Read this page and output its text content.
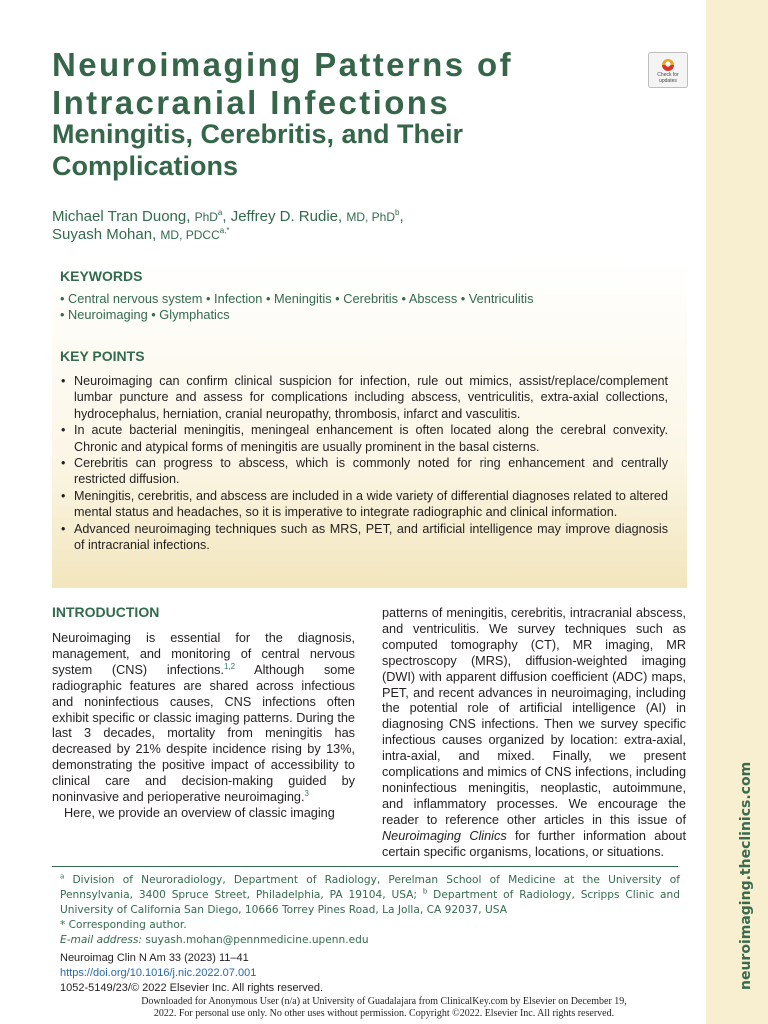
neuroimaging.theclinics.com
Neuroimaging Patterns of
Intracranial Infections
Meningitis, Cerebritis, and Their
Complications
Check for updates
Michael Tran Duong, PhD$^a$, Jeffrey D. Rudie, MD, PhD$^b$,
Suyash Mohan, MD, $PDCC^{a,*}$
KEYWORDS
• Central nervous system • Infection • Meningitis • Cerebritis • Abscess • Ventriculitis
• Neuroimaging • Glymphatics
KEY POINTS
• Neuroimaging can confirm clinical suspicion for infection, rule out mimics, assist/replace/complement lumbar puncture and assess for complications including abscess, ventriculitis, extra-axial collections, hydrocephalus, herniation, cranial neuropathy, thrombosis, infarct and vasculitis.
• In acute bacterial meningitis, meningeal enhancement is often located along the cerebral convexity. Chronic and atypical forms of meningitis are usually prominent in the basal cisterns.
• Cerebritis can progress to abscess, which is commonly noted for ring enhancement and centrally restricted diffusion.
• Meningitis, cerebritis, and abscess are included in a wide variety of differential diagnoses related to altered mental status and headaches, so it is imperative to integrate radiographic and clinical information.
• Advanced neuroimaging techniques such as MRS, PET, and artificial intelligence may improve diagnosis of intracranial infections.
INTRODUCTION

Neuroimaging is essential for the diagnosis, management, and monitoring of central nervous system (CNS) infections.$^{1,2}$ Although some radiographic features are shared across infectious and noninfectious causes, CNS infections often exhibit specific or classic imaging patterns. During the last 3 decades, mortality from meningitis has decreased by 21% despite incidence rising by 13%, demonstrating the positive impact of accessibility to clinical care and decision-making guided by noninvasive and perioperative neuroimaging.$^3$

Here, we provide an overview of classic imaging

patterns of meningitis, cerebritis, intracranial abscess, and ventriculitis. We survey techniques such as computed tomography (CT), MR imaging, MR spectroscopy (MRS), diffusion-weighted imaging (DWI) with apparent diffusion coefficient (ADC) maps, PET, and recent advances in neuroimaging, including the potential role of artificial intelligence (AI) in diagnosing CNS infections. Then we survey specific infectious causes organized by location: extra-axial, intra-axial, and mixed. Finally, we present complications and mimics of CNS infections, including noninfectious meningitis, neoplastic, autoimmune, and inflammatory processes. We encourage the reader to reference other articles in this issue of Neuroimaging Clinics for further information about certain specific organisms, locations, or situations.

$^a$ Division of Neuroradiology, Department of Radiology, Perelman School of Medicine at the University of Pennsylvania, 3400 Spruce Street, Philadelphia, PA 19104, USA; $^b$ Department of Radiology, Scripps Clinic and University of California San Diego, 10666 Torrey Pines Road, La Jolla, CA 92037, USA
* Corresponding author.
E-mail address: suyash.mohan@pennmedicine.upenn.edu
Neuroimag Clin N Am 33 (2023) 11–41
https://doi.org/10.1016/j.nic.2022.07.001
1052-5149/23/© 2022 Elsevier Inc. All rights reserved.
Downloaded for Anonymous User (n/a) at University of Guadalajara from ClinicalKey.com by Elsevier on December 19,
2022. For personal use only. No other uses without permission. Copyright ©2022. Elsevier Inc. All rights reserved.
